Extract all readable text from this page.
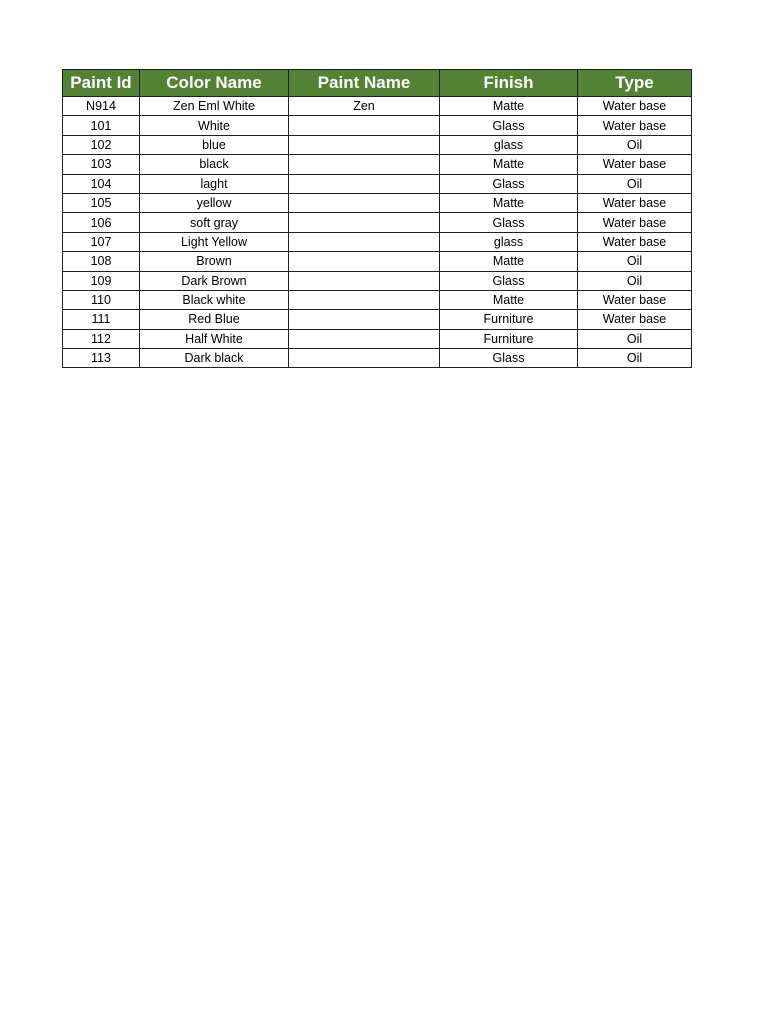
Paint Id	Color Name	Paint Name	Finish	Type
N914	Zen Eml White	Zen	Matte	Water base
101	White		Glass	Water base
102	blue		glass	Oil
103	black		Matte	Water base
104	laght		Glass	Oil
105	yellow		Matte	Water base
106	soft gray		Glass	Water base
107	Light Yellow		glass	Water base
108	Brown		Matte	Oil
109	Dark Brown		Glass	Oil
110	Black white		Matte	Water base
111	Red Blue		Furniture	Water base
112	Half White		Furniture	Oil
113	Dark black		Glass	Oil
